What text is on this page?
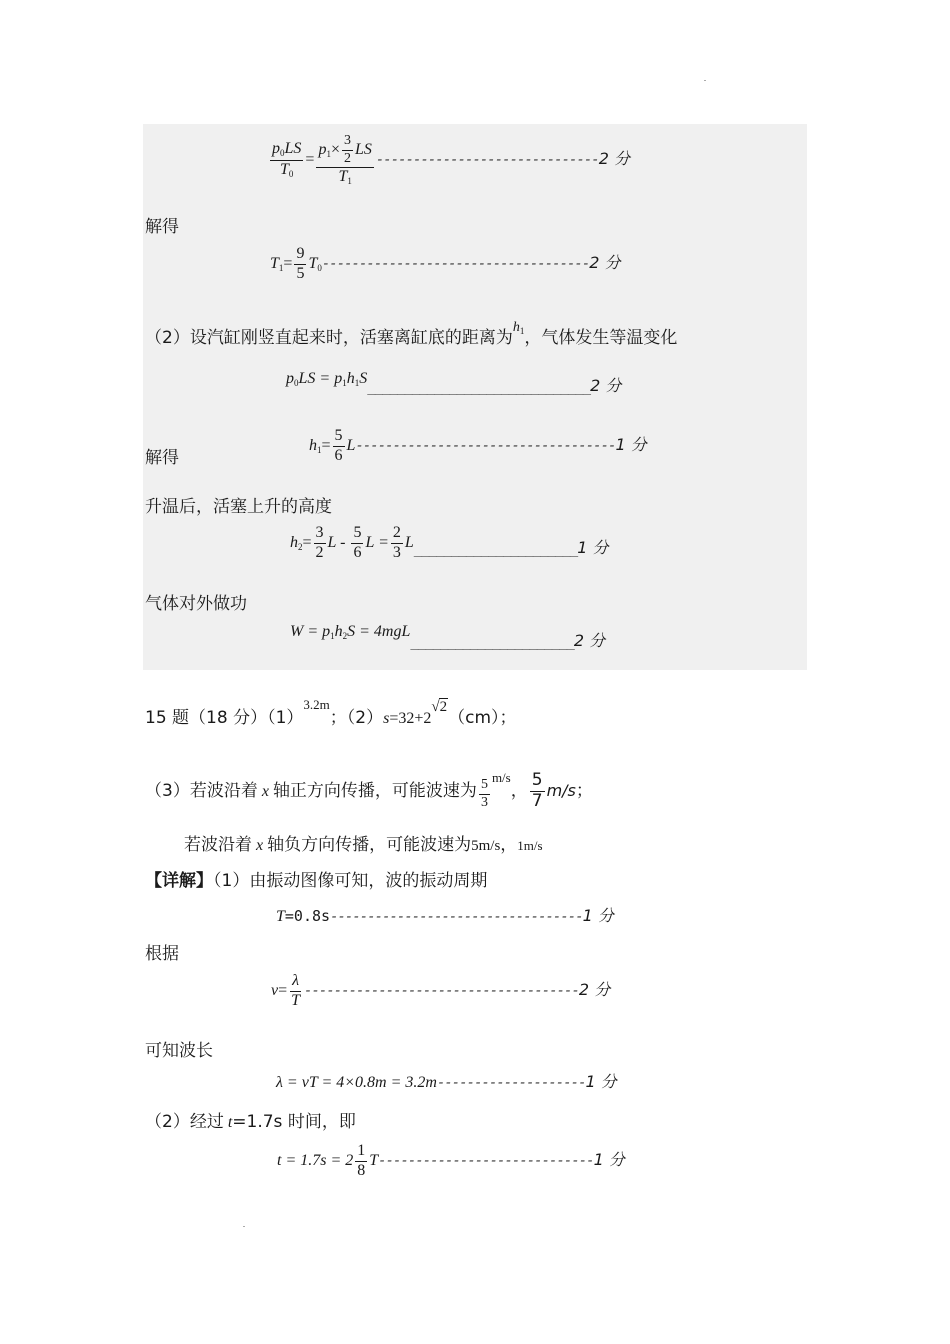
$\frac{p_0LS}{T_0} = \frac{p_1\times \frac{3}{2} LS}{T_1} ------------------------------2$ 分
解得
$T_1= \frac{9}{5} T_0------------------------------------2$ 分
（2）设汽缸刚竖直起来时，活塞离缸底的距离为$^{h_1}$，气体发生等温变化
$p_0LS$ = $p_1h_1S\_\_\_\_\_\_\_\_\_\_\_\_\_\_\_\_\_\_\_\_\_\_\_\_\_\_\_\_\_\_2$ 分
解得
$h_1= \frac{5}{6} L-----------------------------------1$ 分
升温后，活塞上升的高度
$h_2= \frac{3}{2}$ L - $\frac{5}{6}$ $L = \frac{2}{3}$ L______________________1 分
气体对外做功
$W = p_1h_2S$ = 4mgL______________________2 分
15 题（18 分）$(1)^{3.2m}$；（2）s=32+2√2（cm）；
（3）若波沿着 x 轴正方向传播，可能波速为 $\frac{5}{3}$
$^{m/s}$， $\frac{5}{7} m/s$；
若波沿着 x 轴负方向传播，可能波速为5m/s，1m/s
【详解】（1）由振动图像可知，波的振动周期
T=0.8s----------------------------------1 分
根据
$v= \frac{\lambda}{T} -------------------------------------2$ 分
可知波长
λ = vT = 4×0.8m = 3.2m--------------------1 分
（2）经过 t=1.7s 时间，即
$t = 1.7s = 2 \frac{1}{8} T-----------------------------1$ 分
